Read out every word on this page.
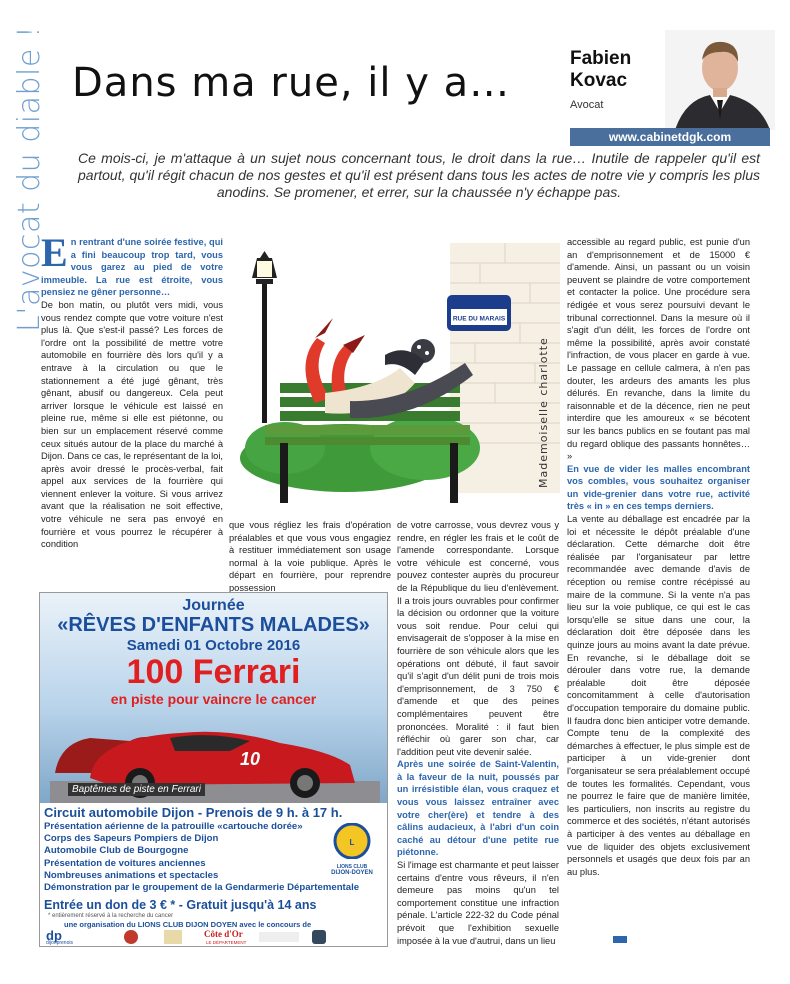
L'avocat du diable ! Dans ma rue, il y a…
Fabien
Kovac
Avocat
www.cabinetdgk.com
Ce mois-ci, je m'attaque à un sujet nous concernant tous, le droit dans la rue… Inutile de rappeler qu'il est partout, qu'il régit chacun de nos gestes et qu'il est présent dans tous les actes de notre vie y compris les plus anodins. Se promener, et errer, sur la chaussée n'y échappe pas.
RUE DU MARAIS
Mademoiselle charlotte

En rentrant d'une soirée festive, qui a fini beaucoup trop tard, vous vous garez au pied de votre immeuble. La rue est étroite, vous pensiez ne gêner personne…

De bon matin, ou plutôt vers midi, vous vous rendez compte que votre voiture n'est plus là. Que s'est-il passé? Les forces de l'ordre ont la possibilité de mettre votre automobile en fourrière dès lors qu'il y a entrave à la circulation ou que le stationnement a été jugé gênant, très gênant, abusif ou dangereux. Cela peut arriver lorsque le véhicule est laissé en pleine rue, même si elle est piétonne, ou bien sur un emplacement réservé comme ceux situés autour de la place du marché à Dijon. Dans ce cas, le représentant de la loi, après avoir dressé le procès-verbal, fait appel aux services de la fourrière qui viennent enlever la voiture. Si vous arrivez avant que la réalisation ne soit effective, votre véhicule ne sera pas envoyé en fourrière et vous pourrez le récupérer à condition

que vous régliez les frais d'opération préalables et que vous vous engagiez à restituer immédiatement son usage normal à la voie publique. Après le départ en fourrière, pour reprendre possession

de votre carrosse, vous devrez vous y rendre, en régler les frais et le coût de l'amende correspondante. Lorsque votre véhicule est concerné, vous pouvez contester auprès du procureur de la République du lieu d'enlèvement. Il a trois jours ouvrables pour confirmer la décision ou ordonner que la voiture vous soit rendue. Pour celui qui envisagerait de s'opposer à la mise en fourrière de son véhicule alors que les opérations ont débuté, il faut savoir qu'il s'agit d'un délit puni de trois mois d'emprisonnement, de 3 750 € d'amende et que des peines complémentaires peuvent être prononcées. Moralité : il faut bien réfléchir où garer son char, car l'addition peut vite devenir salée.

Après une soirée de Saint-Valentin, à la faveur de la nuit, poussés par un irrésistible élan, vous craquez et vous vous laissez entraîner avec votre cher(ère) et tendre à des câlins audacieux, à l'abri d'un coin caché au détour d'une petite rue piétonne.

Si l'image est charmante et peut laisser certains d'entre vous rêveurs, il n'en demeure pas moins qu'un tel comportement constitue une infraction pénale. L'article 222-32 du Code pénal prévoit que l'exhibition sexuelle imposée à la vue d'autrui, dans un lieu

accessible au regard public, est punie d'un an d'emprisonnement et de 15000 € d'amende. Ainsi, un passant ou un voisin peuvent se plaindre de votre comportement et contacter la police. Une procédure sera rédigée et vous serez poursuivi devant le tribunal correctionnel. Dans la mesure où il s'agit d'un délit, les forces de l'ordre ont même la possibilité, après avoir constaté l'infraction, de vous placer en garde à vue. Le passage en cellule calmera, à n'en pas douter, les ardeurs des amants les plus délurés. En revanche, dans la limite du raisonnable et de la décence, rien ne peut interdire que les amoureux « se bécotent sur les bancs publics en se foutant pas mal du regard oblique des passants honnêtes… »

En vue de vider les malles encombrant vos combles, vous souhaitez organiser un vide-grenier dans votre rue, activité très « in » en ces temps derniers.

La vente au déballage est encadrée par la loi et nécessite le dépôt préalable d'une déclaration. Cette démarche doit être réalisée par l'organisateur par lettre recommandée avec demande d'avis de réception ou remise contre récépissé au maire de la commune. Si la vente n'a pas lieu sur la voie publique, ce qui est le cas lorsqu'elle se situe dans une cour, la déclaration doit être déposée dans les quinze jours au moins avant la date prévue. En revanche, si le déballage doit se dérouler dans votre rue, la demande préalable doit être déposée concomitamment à celle d'autorisation d'occupation temporaire du domaine public. Il faudra donc bien anticiper votre demande. Compte tenu de la complexité des démarches à effectuer, le plus simple est de participer à un vide-grenier dont l'organisateur se sera préalablement occupé de toutes les formalités. Cependant, vous ne pourrez le faire que de manière limitée, les particuliers, non inscrits au registre du commerce et des sociétés, n'étant autorisés à participer à des ventes au déballage en vue de liquider des objets exclusivement personnels et usagés que deux fois par an au plus.

Journée
«RÊVES D'ENFANTS MALADES»
Samedi 01 Octobre 2016
100 Ferrari
en piste pour vaincre le cancer
10
Baptêmes de piste en Ferrari
Circuit automobile Dijon - Prenois de 9 h. à 17 h.
Présentation aérienne de la patrouille «cartouche dorée»
Corps des Sapeurs Pompiers de Dijon
Automobile Club de Bourgogne
Présentation de voitures anciennes
Nombreuses animations et spectacles
Démonstration par le groupement de la Gendarmerie Départementale
L
LIONS CLUB
DIJON-DOYEN
Entrée un don de 3 € * - Gratuit jusqu'à 14 ans
* entièrement réservé à la recherche du cancer
une organisation du LIONS CLUB DIJON DOYEN avec le concours de
dp
dijonprenois
Côte d'Or
LE DÉPARTEMENT
